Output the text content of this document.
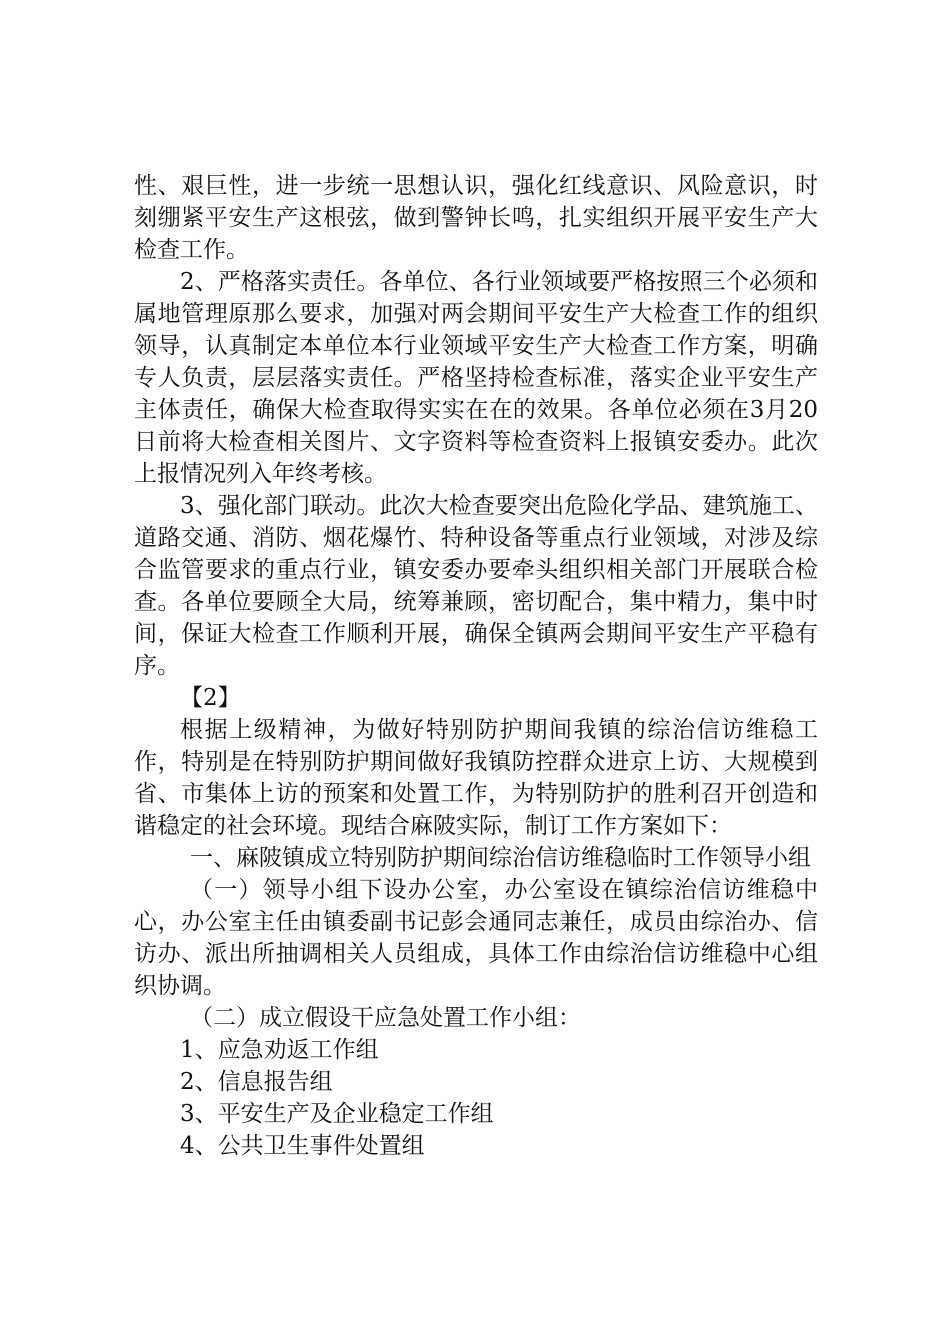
性、艰巨性，进一步统一思想认识，强化红线意识、风险意识，时刻绷紧平安生产这根弦，做到警钟长鸣，扎实组织开展平安生产大检查工作。

2、严格落实责任。各单位、各行业领域要严格按照三个必须和属地管理原那么要求，加强对两会期间平安生产大检查工作的组织领导，认真制定本单位本行业领域平安生产大检查工作方案，明确专人负责，层层落实责任。严格坚持检查标准，落实企业平安生产主体责任，确保大检查取得实实在在的效果。各单位必须在3月20日前将大检查相关图片、文字资料等检查资料上报镇安委办。此次上报情况列入年终考核。

3、强化部门联动。此次大检查要突出危险化学品、建筑施工、道路交通、消防、烟花爆竹、特种设备等重点行业领域，对涉及综合监管要求的重点行业，镇安委办要牵头组织相关部门开展联合检查。各单位要顾全大局，统筹兼顾，密切配合，集中精力，集中时间，保证大检查工作顺利开展，确保全镇两会期间平安生产平稳有序。

【2】

根据上级精神，为做好特别防护期间我镇的综治信访维稳工作，特别是在特别防护期间做好我镇防控群众进京上访、大规模到省、市集体上访的预案和处置工作，为特别防护的胜利召开创造和谐稳定的社会环境。现结合麻陂实际，制订工作方案如下：

一、麻陂镇成立特别防护期间综治信访维稳临时工作领导小组

（一）领导小组下设办公室，办公室设在镇综治信访维稳中心，办公室主任由镇委副书记彭会通同志兼任，成员由综治办、信访办、派出所抽调相关人员组成，具体工作由综治信访维稳中心组织协调。

（二）成立假设干应急处置工作小组：

1、应急劝返工作组

2、信息报告组

3、平安生产及企业稳定工作组

4、公共卫生事件处置组
